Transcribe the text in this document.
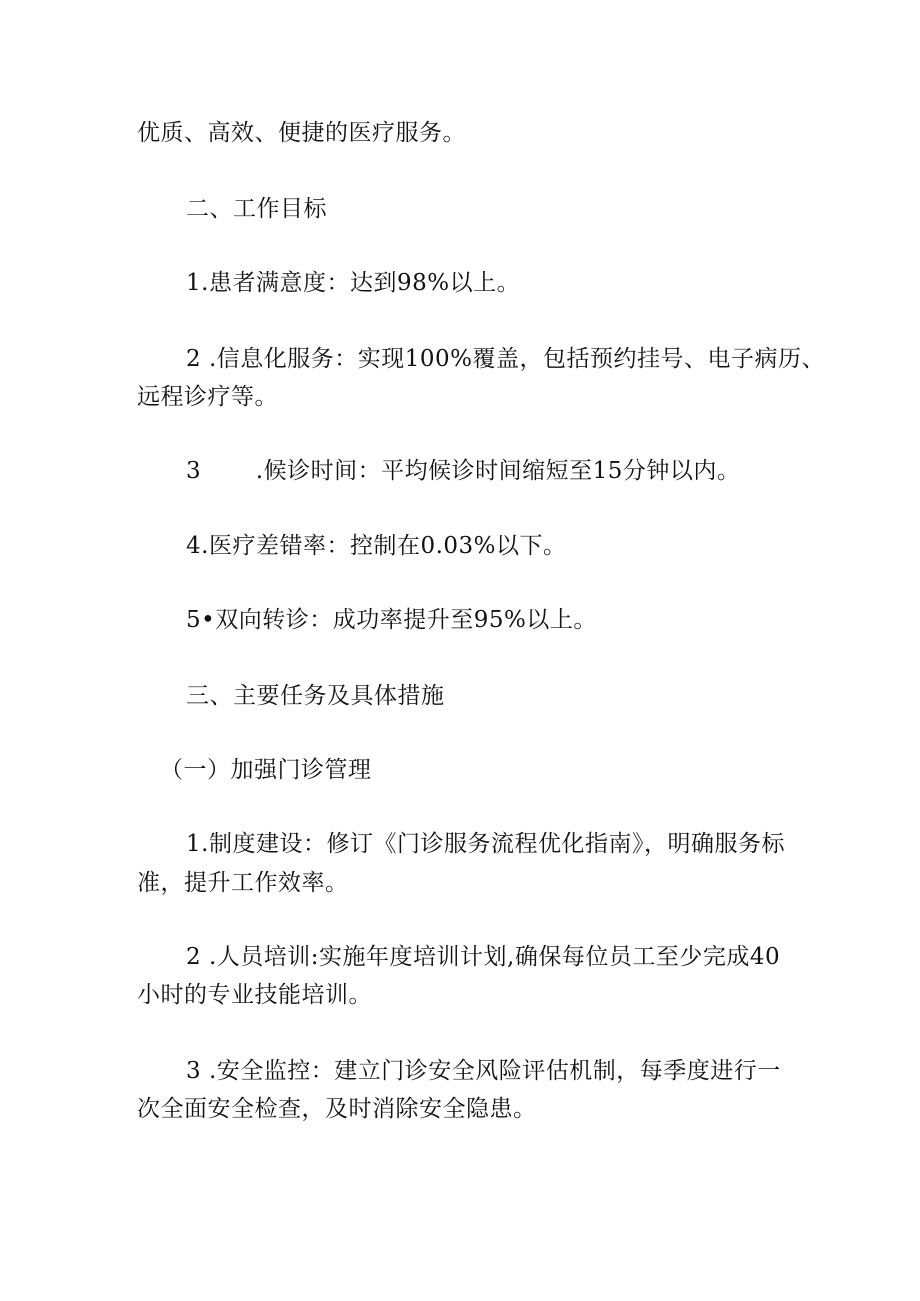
优质、高效、便捷的医疗服务。
二、工作目标
1.患者满意度：达到98%以上。
2 .信息化服务：实现100%覆盖，包括预约挂号、电子病历、
远程诊疗等。
3       .候诊时间：平均候诊时间缩短至15分钟以内。
4.医疗差错率：控制在0.03%以下。
5•双向转诊：成功率提升至95%以上。
三、主要任务及具体措施
（一）加强门诊管理
1.制度建设：修订《门诊服务流程优化指南》，明确服务标
准，提升工作效率。
2 .人员培训:实施年度培训计划,确保每位员工至少完成40
小时的专业技能培训。
3 .安全监控：建立门诊安全风险评估机制，每季度进行一
次全面安全检查，及时消除安全隐患。
